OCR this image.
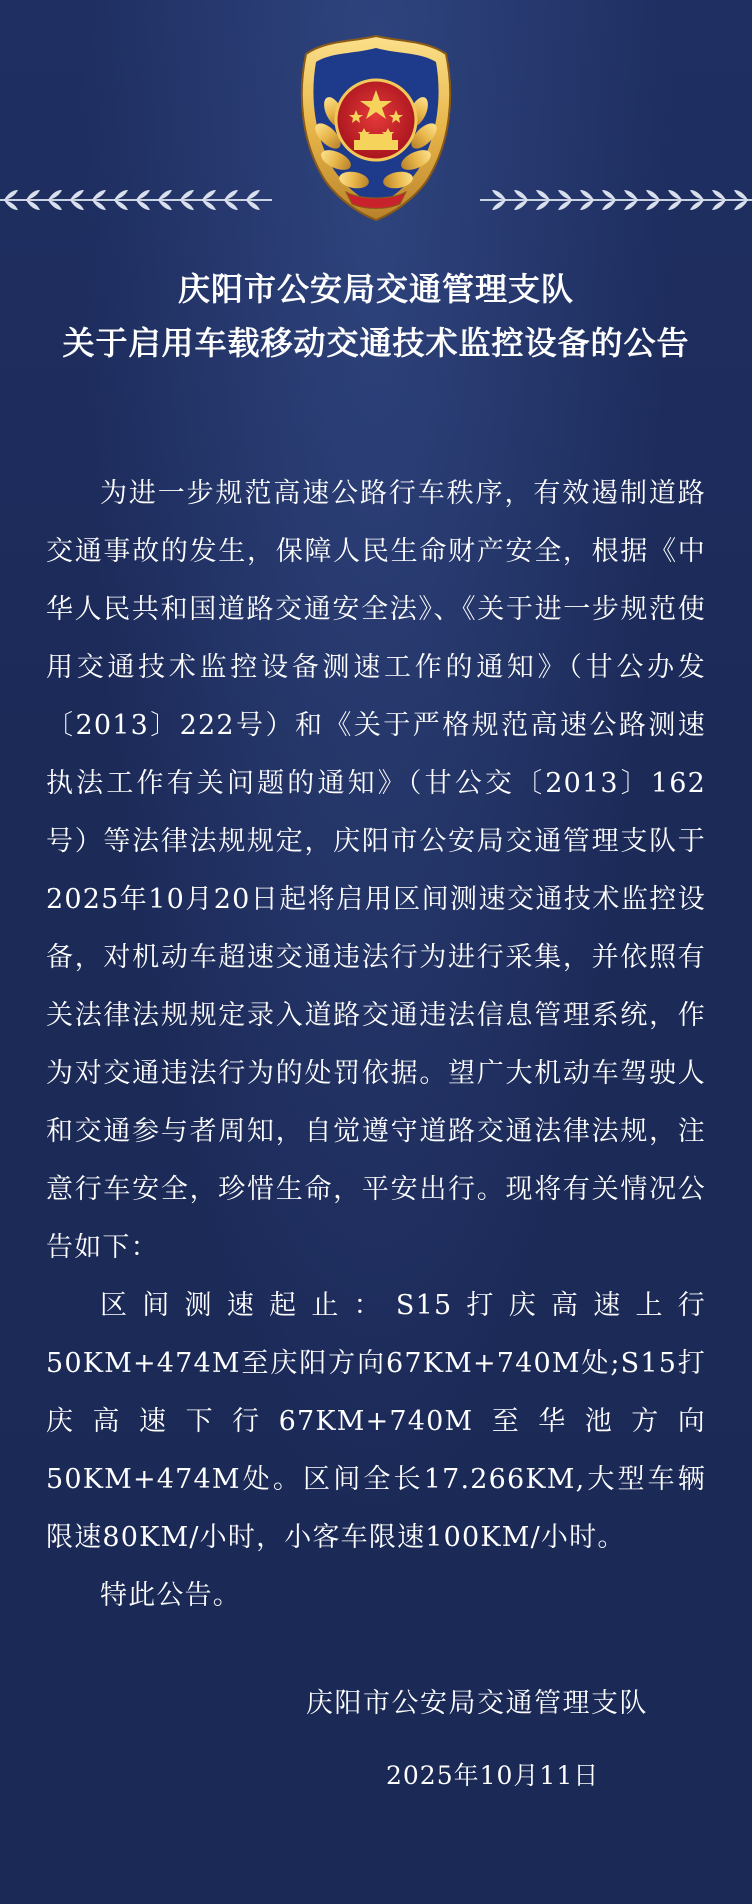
庆阳市公安局交通管理支队
关于启用车载移动交通技术监控设备的公告

为进一步规范高速公路行车秩序，有效遏制道路交通事故的发生，保障人民生命财产安全，根据《中华人民共和国道路交通安全法》、《关于进一步规范使用交通技术监控设备测速工作的通知》（甘公办发〔2013〕222号）和《关于严格规范高速公路测速执法工作有关问题的通知》（甘公交〔2013〕162号）等法律法规规定，庆阳市公安局交通管理支队于2025年10月20日起将启用区间测速交通技术监控设备，对机动车超速交通违法行为进行采集，并依照有关法律法规规定录入道路交通违法信息管理系统，作为对交通违法行为的处罚依据。望广大机动车驾驶人和交通参与者周知，自觉遵守道路交通法律法规，注意行车安全，珍惜生命，平安出行。现将有关情况公告如下：

区间测速起止：S15打庆高速上行50KM+474M至庆阳方向67KM+740M处;S15打庆高速下行67KM+740M至华池方向50KM+474M处。区间全长17.266KM,大型车辆限速80KM/小时，小客车限速100KM/小时。

特此公告。

庆阳市公安局交通管理支队
2025年10月11日
